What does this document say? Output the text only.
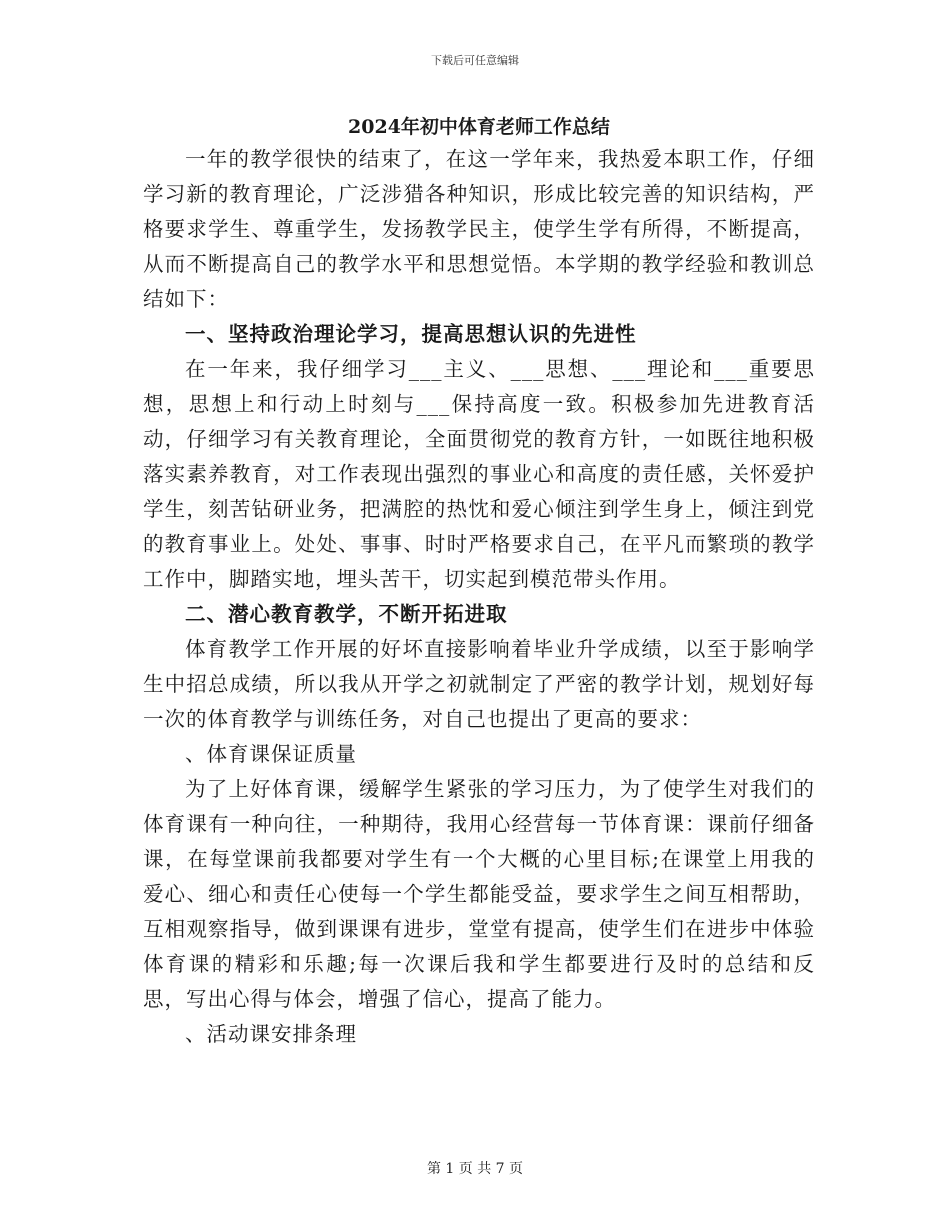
下载后可任意编辑
2024年初中体育老师工作总结

一年的教学很快的结束了，在这一学年来，我热爱本职工作，仔细学习新的教育理论，广泛涉猎各种知识，形成比较完善的知识结构，严格要求学生、尊重学生，发扬教学民主，使学生学有所得，不断提高，从而不断提高自己的教学水平和思想觉悟。本学期的教学经验和教训总结如下：

一、坚持政治理论学习，提高思想认识的先进性

在一年来，我仔细学习___主义、___思想、___理论和___重要思想，思想上和行动上时刻与___保持高度一致。积极参加先进教育活动，仔细学习有关教育理论，全面贯彻党的教育方针，一如既往地积极落实素养教育，对工作表现出强烈的事业心和高度的责任感，关怀爱护学生，刻苦钻研业务，把满腔的热忱和爱心倾注到学生身上，倾注到党的教育事业上。处处、事事、时时严格要求自己，在平凡而繁琐的教学工作中，脚踏实地，埋头苦干，切实起到模范带头作用。

二、潜心教育教学，不断开拓进取

体育教学工作开展的好坏直接影响着毕业升学成绩，以至于影响学生中招总成绩，所以我从开学之初就制定了严密的教学计划，规划好每一次的体育教学与训练任务，对自己也提出了更高的要求：

、体育课保证质量

为了上好体育课，缓解学生紧张的学习压力，为了使学生对我们的体育课有一种向往，一种期待，我用心经营每一节体育课：课前仔细备课，在每堂课前我都要对学生有一个大概的心里目标;在课堂上用我的爱心、细心和责任心使每一个学生都能受益，要求学生之间互相帮助，互相观察指导，做到课课有进步，堂堂有提高，使学生们在进步中体验体育课的精彩和乐趣;每一次课后我和学生都要进行及时的总结和反思，写出心得与体会，增强了信心，提高了能力。

、活动课安排条理

第 1 页 共 7 页
